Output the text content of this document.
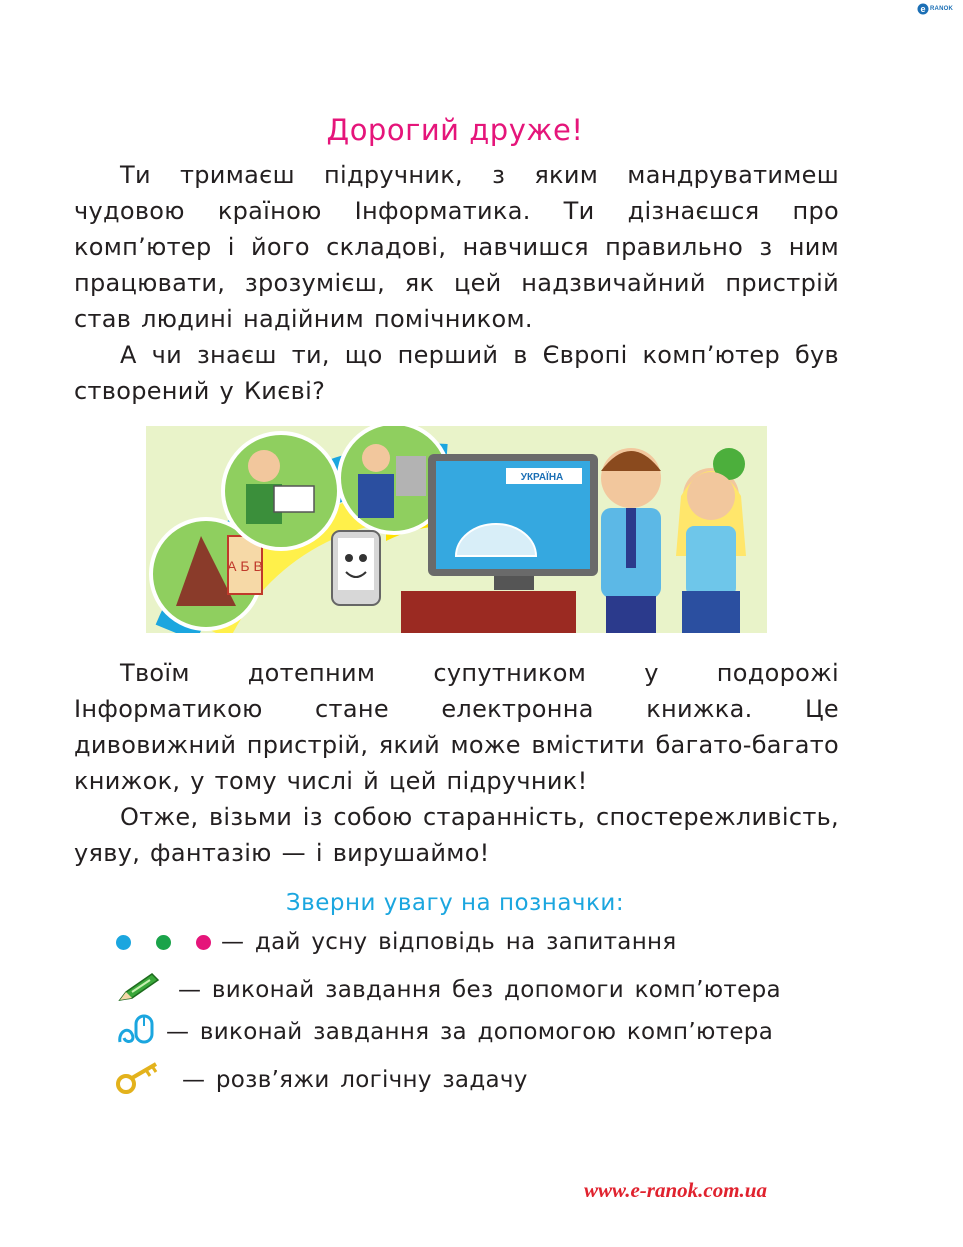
e RANOK
Дорогий друже!

Ти тримаєш підручник, з яким мандруватимеш чудовою країною Інформатика. Ти дізнаєшся про комп’ютер і його складові, навчишся правильно з ним працювати, зрозумієш, як цей надзвичайний пристрій став людині надійним помічником.

А чи знаєш ти, що перший в Європі комп’ютер був створений у Києві?

А Б В
УКРАЇНА

Твоїм дотепним супутником у подорожі Інформатикою стане електронна книжка. Це дивовижний пристрій, який може вмістити багато-багато книжок, у тому числі й цей підручник!

Отже, візьми із собою старанність, спостережливість, уяву, фантазію — і вирушаймо!

Зверни увагу на позначки:
— дай усну відповідь на запитання
— виконай завдання без допомоги комп’ютера
— виконай завдання за допомогою комп’ютера
— розв’яжи логічну задачу
www.e-ranok.com.ua
